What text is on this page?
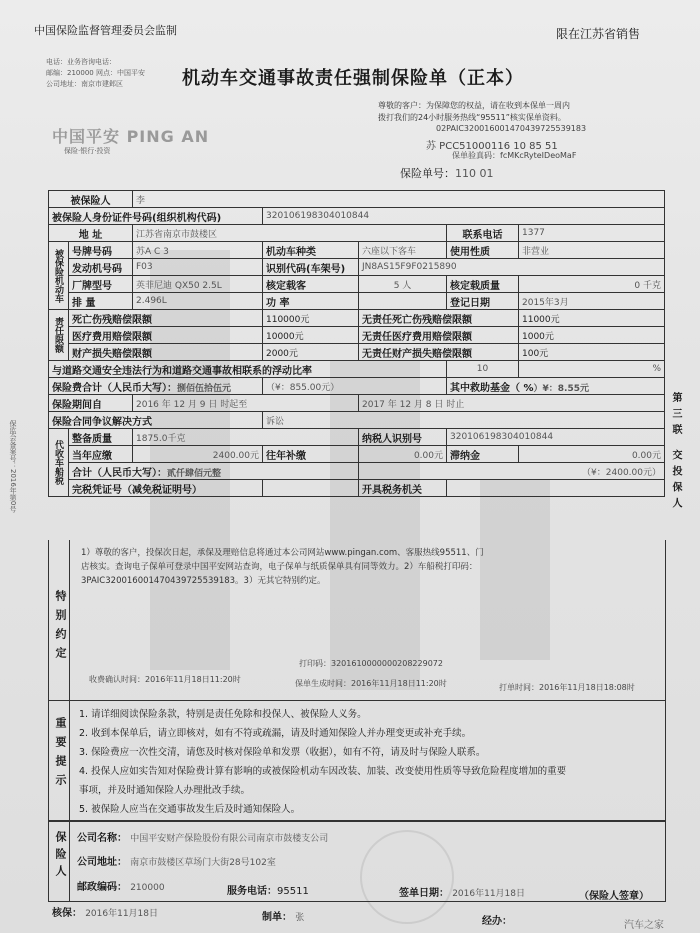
中国保险监督管理委员会监制	限在江苏省销售
电话：业务咨询电话：
邮编：210000 网点：中国平安
公司地址：南京市建邺区	机动车交通事故责任强制保险单（正本）
中国平安 PING AN
保险·银行·投资
尊敬的客户：为保障您的权益，请在收到本保单一周内
拨打我们的24小时服务热线“95511”核实保单资料。
02PAIC320016001470439725539183
苏 PCC51000116 10 85 51
保单验真码：fcMKcRyteIDeoMaF
保险单号：110 01
被保险人		李				
被保险人身份证件号码(组织机构代码)			320106198304010844			
地 址		江苏省南京市鼓楼区			联系电话	1377
被保险机动车	号牌号码	苏A C 3	机动车种类	六座以下客车	使用性质	非营业
	发动机号码	F03	识别代码(车架号)	JN8AS15F9F0215890		
	厂牌型号	英菲尼迪 QX50 2.5L	核定载客	5 人	核定载质量	0 千克
	排 量	2.496L	功 率		登记日期	2015年3月
责任限额	死亡伤残赔偿限额		110000元	无责任死亡伤残赔偿限额		11000元
	医疗费用赔偿限额		10000元	无责任医疗费用赔偿限额		1000元
	财产损失赔偿限额		2000元	无责任财产损失赔偿限额		100元
与道路交通安全违法行为和道路交通事故相联系的浮动比率					10	%
保险费合计（人民币大写）：捌佰伍拾伍元			（¥：855.00元）		其中救助基金（ %）¥：8.55元	
保险期间自		2016 年 12 月 9 日 时起至		2017 年 12 月 8 日 时止		
保险合同争议解决方式			诉讼			
代收车船税	整备质量	1875.0千克		纳税人识别号	320106198304010844	
	当年应缴	2400.00元	往年补缴	0.00元	滞纳金	0.00元
	合计（人民币大写）：贰仟肆佰元整			（¥：2400.00元）		
	完税凭证号（减免税证明号）			开具税务机关		
特别约定
1）尊敬的客户，投保次日起，承保及理赔信息将通过本公司网站www.pingan.com、客服热线95511、门
店核实。查询电子保单可登录中国平安网站查询，电子保单与纸质保单具有同等效力。2）车船税打印码：
3PAIC320016001470439725539183。3）无其它特别约定。
打印码：3201610000000208229072
收费确认时间：2016年11月18日11:20时	保单生成时间：2016年11月18日11:20时	打单时间：2016年11月18日18:08时
重要提示
1. 请详细阅读保险条款，特别是责任免除和投保人、被保险人义务。
2. 收到本保单后，请立即核对，如有不符或疏漏，请及时通知保险人并办理变更或补充手续。
3. 保险费应一次性交清，请您及时核对保险单和发票（收据），如有不符，请及时与保险人联系。
4. 投保人应如实告知对保险费计算有影响的或被保险机动车因改装、加装、改变使用性质等导致危险程度增加的重要
事项，并及时通知保险人办理批改手续。
5. 被保险人应当在交通事故发生后及时通知保险人。
保险人 公司名称： 中国平安财产保险股份有限公司南京市鼓楼支公司
公司地址： 南京市鼓楼区草场门大街28号102室
邮政编码： 210000	服务电话：95511	签单日期： 2016年11月18日	（保险人签章）
核保： 2016年11月18日	制单： 张	经办：	汽车之家
第三联 交投保人
保监会备案号：2016年第0号
